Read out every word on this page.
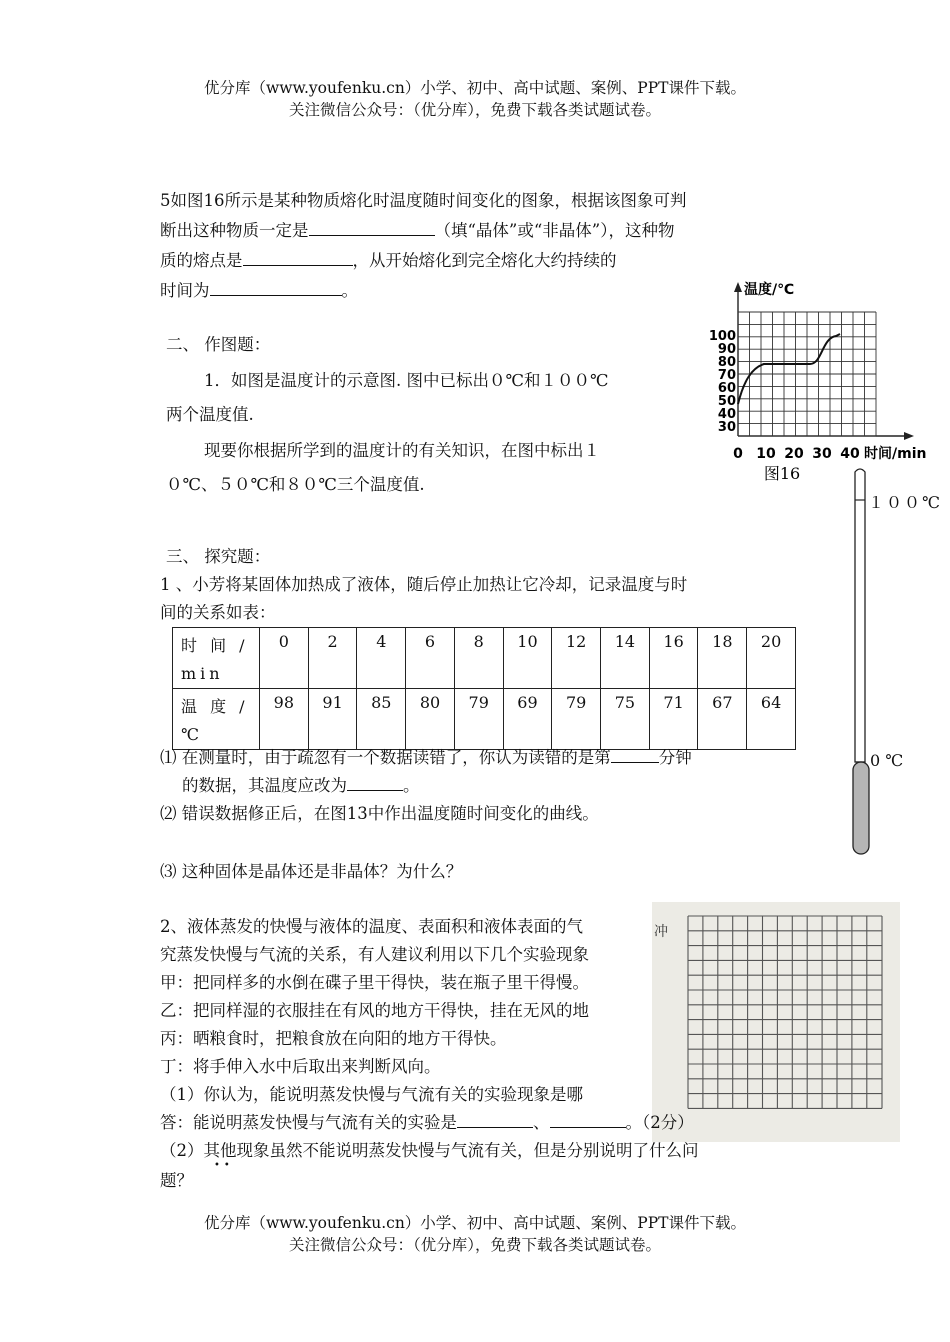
优分库（www.youfenku.cn）小学、初中、高中试题、案例、PPT课件下载。
关注微信公众号：（优分库），免费下载各类试题试卷。
5如图16所示是某种物质熔化时温度随时间变化的图象，根据该图象可判
断出这种物质一定是	（填“晶体”或“非晶体”），这种物
质的熔点是	，从开始熔化到完全熔化大约持续的
时间为	。
二、 作图题：
1．如图是温度计的示意图. 图中已标出０℃和１００℃
两个温度值.
现要你根据所学到的温度计的有关知识，在图中标出１
０℃、５０℃和８０℃三个温度值.
温度/℃
100
90
80
70
60
50
40
30
0 10 20 30 40 时间/min
图16
１００℃
0 ℃
三、 探究题：
1 、小芳将某固体加热成了液体，随后停止加热让它冷却，记录温度与时
间的关系如表：
时 间 / min	0	2	4	6	8	10	12	14	16	18	20
温 度 / ℃	98	91	85	80	79	69	79	75	71	67	64
⑴ 在测量时，由于疏忽有一个数据读错了，你认为读错的是第	分钟
的数据，其温度应改为	。
⑵ 错误数据修正后，在图13中作出温度随时间变化的曲线。
⑶ 这种固体是晶体还是非晶体？为什么？
冲
2、液体蒸发的快慢与液体的温度、表面积和液体表面的气
究蒸发快慢与气流的关系，有人建议利用以下几个实验现象
甲：把同样多的水倒在碟子里干得快，装在瓶子里干得慢。
乙：把同样湿的衣服挂在有风的地方干得快，挂在无风的地
丙：晒粮食时，把粮食放在向阳的地方干得快。
丁：将手伸入水中后取出来判断风向。
（1）你认为，能说明蒸发快慢与气流有关的实验现象是哪
答：能说明蒸发快慢与气流有关的实验是	、	。（2分）
（2）其他现象虽然不能说明蒸发快慢与气流有关，但是分别说明了什么问
••
题？
优分库（www.youfenku.cn）小学、初中、高中试题、案例、PPT课件下载。
关注微信公众号：（优分库），免费下载各类试题试卷。
